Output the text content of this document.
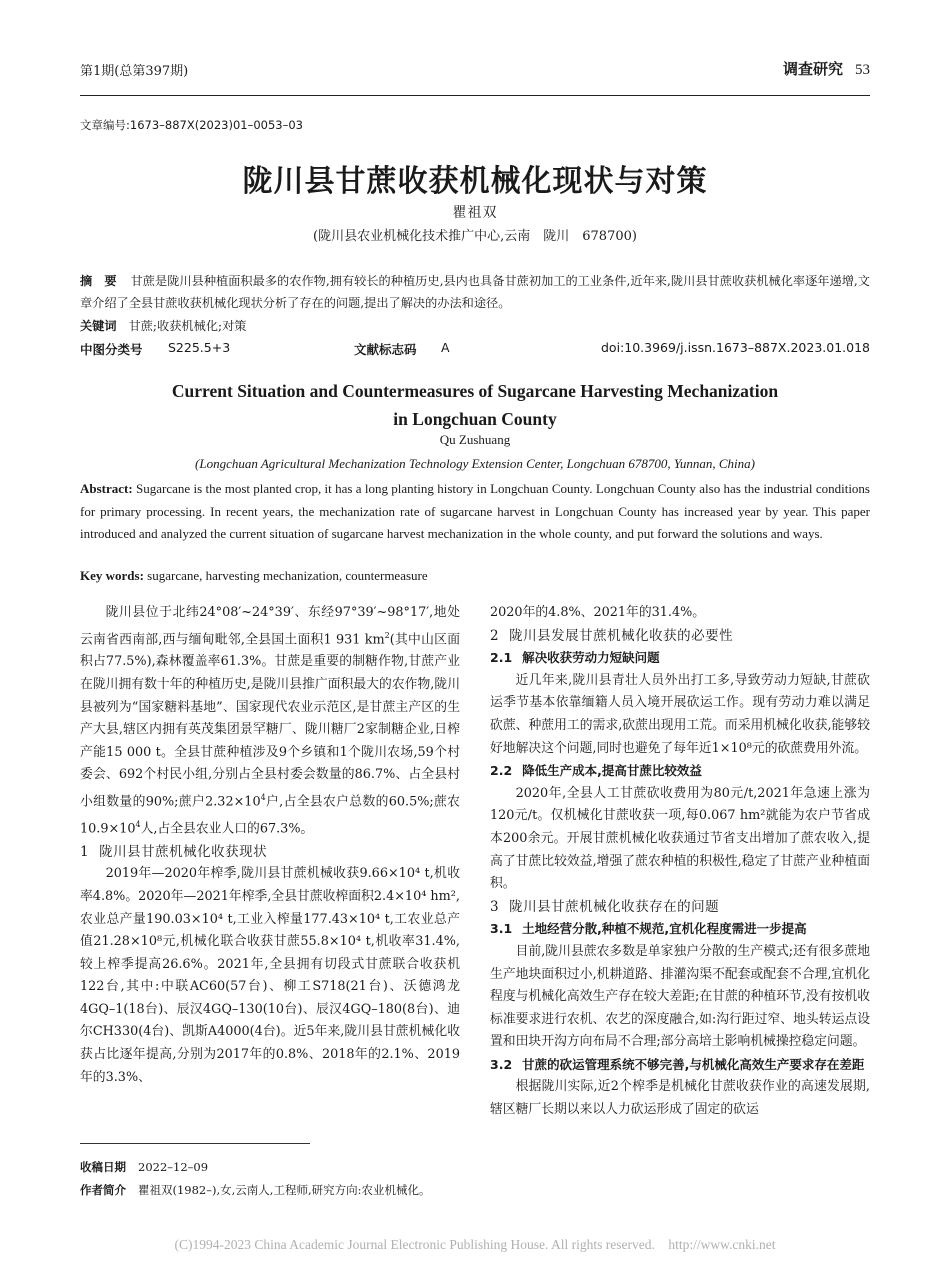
第1期(总第397期)	调查研究 53
文章编号:1673–887X(2023)01–0053–03
陇川县甘蔗收获机械化现状与对策
瞿祖双
(陇川县农业机械化技术推广中心,云南　陇川　678700)
摘　要 甘蔗是陇川县种植面积最多的农作物,拥有较长的种植历史,县内也具备甘蔗初加工的工业条件,近年来,陇川县甘蔗收获机械化率逐年递增,文章介绍了全县甘蔗收获机械化现状分析了存在的问题,提出了解决的办法和途径。
关键词 甘蔗;收获机械化;对策
中图分类号 S225.5+3	文献标志码 A	doi:10.3969/j.issn.1673–887X.2023.01.018
Current Situation and Countermeasures of Sugarcane Harvesting Mechanization
in Longchuan County
Qu Zushuang
(Longchuan Agricultural Mechanization Technology Extension Center, Longchuan 678700, Yunnan, China)
Abstract: Sugarcane is the most planted crop, it has a long planting history in Longchuan County. Longchuan County also has the industrial conditions for primary processing. In recent years, the mechanization rate of sugarcane harvest in Longchuan County has increased year by year. This paper introduced and analyzed the current situation of sugarcane harvest mechanization in the whole county, and put forward the solutions and ways.
Key words: sugarcane, harvesting mechanization, countermeasure

陇川县位于北纬24°08′~24°39′、东经97°39′~98°17′,地处云南省西南部,西与缅甸毗邻,全县国土面积1 931 $km^2$(其中山区面积占77.5%),森林覆盖率61.3%。甘蔗是重要的制糖作物,甘蔗产业在陇川拥有数十年的种植历史,是陇川县推广面积最大的农作物,陇川县被列为“国家糖料基地”、国家现代农业示范区,是甘蔗主产区的生产大县,辖区内拥有英茂集团景罕糖厂、陇川糖厂2家制糖企业,日榨产能15 000 t。全县甘蔗种植涉及9个乡镇和1个陇川农场,59个村委会、692个村民小组,分别占全县村委会数量的86.7%、占全县村小组数量的90%;蔗户$2.32\times 10^4$户,占全县农户总数的60.5%;蔗农$10.9\times 10^4$人,占全县农业人口的67.3%。

1 陇川县甘蔗机械化收获现状

2019年—2020年榨季,陇川县甘蔗机械收获9.66×10⁴ t,机收率4.8%。2020年—2021年榨季,全县甘蔗收榨面积2.4×10⁴ hm²,农业总产量190.03×10⁴ t,工业入榨量177.43×10⁴ t,工农业总产值21.28×10⁸元,机械化联合收获甘蔗55.8×10⁴ t,机收率31.4%,较上榨季提高26.6%。2021年,全县拥有切段式甘蔗联合收获机122台,其中:中联AC60(57台)、柳工S718(21台)、沃德鸿龙4GQ–1(18台)、辰汉4GQ–130(10台)、辰汉4GQ–180(8台)、迪尔CH330(4台)、凯斯A4000(4台)。近5年来,陇川县甘蔗机械化收获占比逐年提高,分别为2017年的0.8%、2018年的2.1%、2019年的3.3%、

2020年的4.8%、2021年的31.4%。

2 陇川县发展甘蔗机械化收获的必要性

2.1 解决收获劳动力短缺问题

近几年来,陇川县青壮人员外出打工多,导致劳动力短缺,甘蔗砍运季节基本依靠缅籍人员入境开展砍运工作。现有劳动力难以满足砍蔗、种蔗用工的需求,砍蔗出现用工荒。而采用机械化收获,能够较好地解决这个问题,同时也避免了每年近1×10⁸元的砍蔗费用外流。

2.2 降低生产成本,提高甘蔗比较效益

2020年,全县人工甘蔗砍收费用为80元/t,2021年急速上涨为120元/t。仅机械化甘蔗收获一项,每0.067 hm²就能为农户节省成本200余元。开展甘蔗机械化收获通过节省支出增加了蔗农收入,提高了甘蔗比较效益,增强了蔗农种植的积极性,稳定了甘蔗产业种植面积。

3 陇川县甘蔗机械化收获存在的问题

3.1 土地经营分散,种植不规范,宜机化程度需进一步提高

目前,陇川县蔗农多数是单家独户分散的生产模式;还有很多蔗地生产地块面积过小,机耕道路、排灌沟渠不配套或配套不合理,宜机化程度与机械化高效生产存在较大差距;在甘蔗的种植环节,没有按机收标准要求进行农机、农艺的深度融合,如:沟行距过窄、地头转运点设置和田块开沟方向布局不合理;部分高培土影响机械操控稳定问题。

3.2 甘蔗的砍运管理系统不够完善,与机械化高效生产要求存在差距

根据陇川实际,近2个榨季是机械化甘蔗收获作业的高速发展期,辖区糖厂长期以来以人力砍运形成了固定的砍运

收稿日期 2022–12–09
作者简介 瞿祖双(1982–),女,云南人,工程师,研究方向:农业机械化。
(C)1994-2023 China Academic Journal Electronic Publishing House. All rights reserved.　http://www.cnki.net
